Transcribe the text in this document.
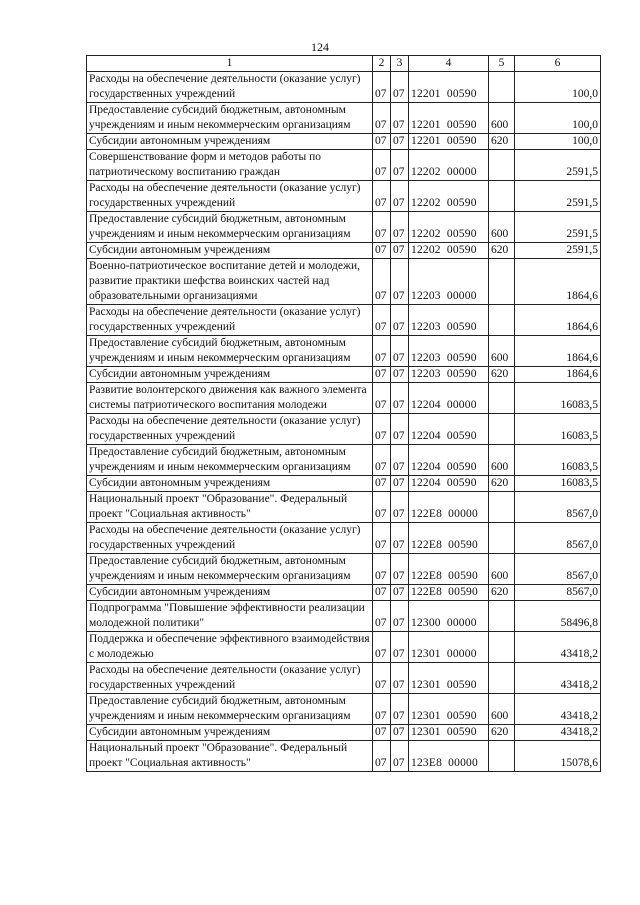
124
1	2	3	4	5	6
Расходы на обеспечение деятельности (оказание услуг) государственных учреждений	07	07	12201  00590		100,0
Предоставление субсидий бюджетным, автономным учреждениям и иным некоммерческим организациям	07	07	12201  00590	600	100,0
Субсидии автономным учреждениям	07	07	12201  00590	620	100,0
Совершенствование форм и методов работы по патриотическому воспитанию граждан	07	07	12202  00000		2591,5
Расходы на обеспечение деятельности (оказание услуг) государственных учреждений	07	07	12202  00590		2591,5
Предоставление субсидий бюджетным, автономным учреждениям и иным некоммерческим организациям	07	07	12202  00590	600	2591,5
Субсидии автономным учреждениям	07	07	12202  00590	620	2591,5
Военно-патриотическое воспитание детей и молодежи, развитие практики шефства воинских частей над образовательными организациями	07	07	12203  00000		1864,6
Расходы на обеспечение деятельности (оказание услуг) государственных учреждений	07	07	12203  00590		1864,6
Предоставление субсидий бюджетным, автономным учреждениям и иным некоммерческим организациям	07	07	12203  00590	600	1864,6
Субсидии автономным учреждениям	07	07	12203  00590	620	1864,6
Развитие волонтерского движения как важного элемента системы патриотического воспитания молодежи	07	07	12204  00000		16083,5
Расходы на обеспечение деятельности (оказание услуг) государственных учреждений	07	07	12204  00590		16083,5
Предоставление субсидий бюджетным, автономным учреждениям и иным некоммерческим организациям	07	07	12204  00590	600	16083,5
Субсидии автономным учреждениям	07	07	12204  00590	620	16083,5
Национальный проект "Образование". Федеральный проект "Социальная активность"	07	07	122E8  00000		8567,0
Расходы на обеспечение деятельности (оказание услуг) государственных учреждений	07	07	122E8  00590		8567,0
Предоставление субсидий бюджетным, автономным учреждениям и иным некоммерческим организациям	07	07	122E8  00590	600	8567,0
Субсидии автономным учреждениям	07	07	122E8  00590	620	8567,0
Подпрограмма "Повышение эффективности реализации молодежной политики"	07	07	12300  00000		58496,8
Поддержка и обеспечение эффективного взаимодействия с молодежью	07	07	12301  00000		43418,2
Расходы на обеспечение деятельности (оказание услуг) государственных учреждений	07	07	12301  00590		43418,2
Предоставление субсидий бюджетным, автономным учреждениям и иным некоммерческим организациям	07	07	12301  00590	600	43418,2
Субсидии автономным учреждениям	07	07	12301  00590	620	43418,2
Национальный проект "Образование". Федеральный проект "Социальная активность"	07	07	123E8  00000		15078,6
